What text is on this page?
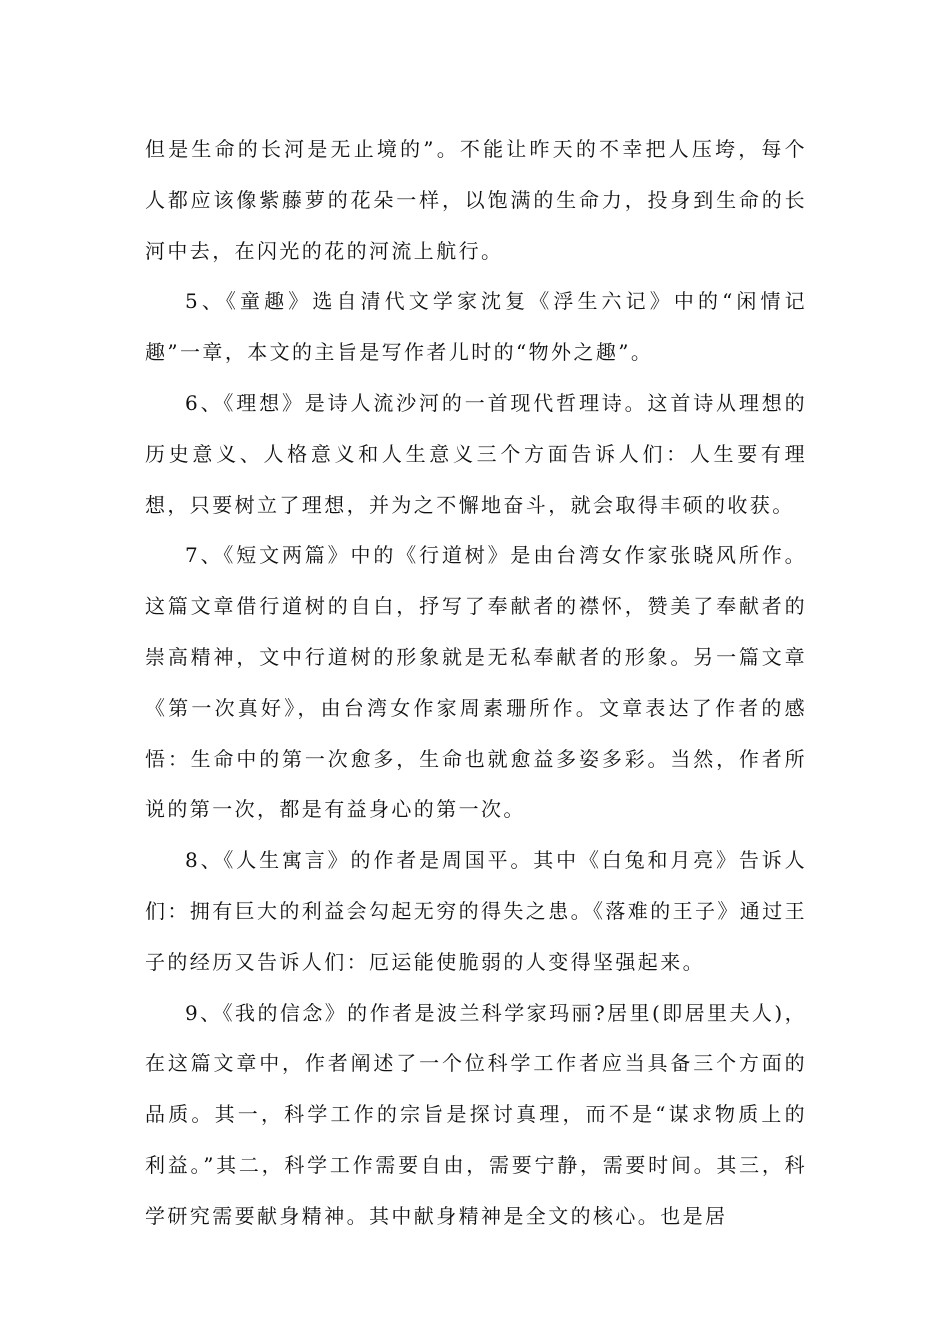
但是生命的长河是无止境的”。不能让昨天的不幸把人压垮，每个人都应该像紫藤萝的花朵一样，以饱满的生命力，投身到生命的长河中去，在闪光的花的河流上航行。

5、《童趣》选自清代文学家沈复《浮生六记》中的“闲情记趣”一章，本文的主旨是写作者儿时的“物外之趣”。

6、《理想》是诗人流沙河的一首现代哲理诗。这首诗从理想的历史意义、人格意义和人生意义三个方面告诉人们：人生要有理想，只要树立了理想，并为之不懈地奋斗，就会取得丰硕的收获。

7、《短文两篇》中的《行道树》是由台湾女作家张晓风所作。这篇文章借行道树的自白，抒写了奉献者的襟怀，赞美了奉献者的崇高精神，文中行道树的形象就是无私奉献者的形象。另一篇文章《第一次真好》，由台湾女作家周素珊所作。文章表达了作者的感悟：生命中的第一次愈多，生命也就愈益多姿多彩。当然，作者所说的第一次，都是有益身心的第一次。

8、《人生寓言》的作者是周国平。其中《白兔和月亮》告诉人们：拥有巨大的利益会勾起无穷的得失之患。《落难的王子》通过王子的经历又告诉人们：厄运能使脆弱的人变得坚强起来。

9、《我的信念》的作者是波兰科学家玛丽?居里(即居里夫人)，在这篇文章中，作者阐述了一个位科学工作者应当具备三个方面的品质。其一，科学工作的宗旨是探讨真理，而不是“谋求物质上的利益。”其二，科学工作需要自由，需要宁静，需要时间。其三，科学研究需要献身精神。其中献身精神是全文的核心。也是居
